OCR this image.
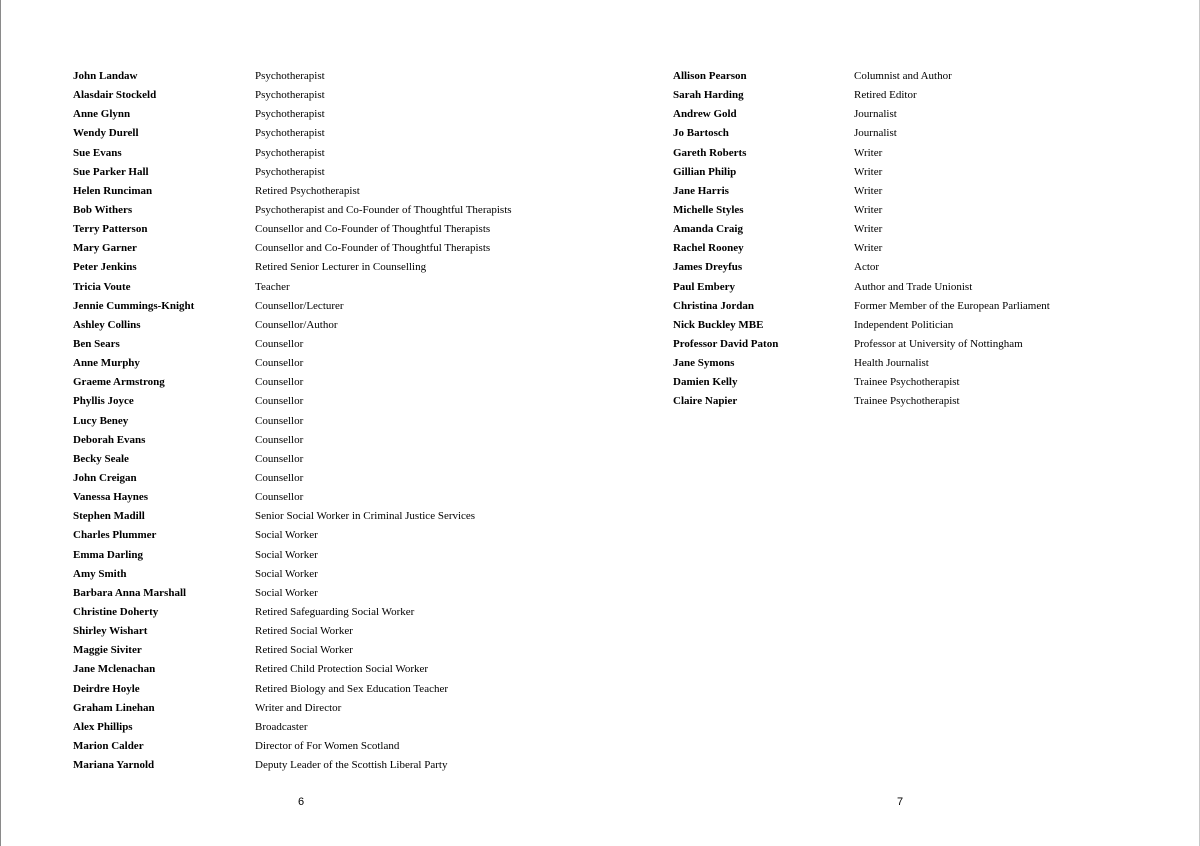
John Landaw	Psychotherapist
Alasdair Stockeld	Psychotherapist
Anne Glynn	Psychotherapist
Wendy Durell	Psychotherapist
Sue Evans	Psychotherapist
Sue Parker Hall	Psychotherapist
Helen Runciman	Retired Psychotherapist
Bob Withers	Psychotherapist and Co-Founder of Thoughtful Therapists
Terry Patterson	Counsellor and Co-Founder of Thoughtful Therapists
Mary Garner	Counsellor and Co-Founder of Thoughtful Therapists
Peter Jenkins	Retired Senior Lecturer in Counselling
Tricia Voute	Teacher
Jennie Cummings-Knight	Counsellor/Lecturer
Ashley Collins	Counsellor/Author
Ben Sears	Counsellor
Anne Murphy	Counsellor
Graeme Armstrong	Counsellor
Phyllis Joyce	Counsellor
Lucy Beney	Counsellor
Deborah Evans	Counsellor
Becky Seale	Counsellor
John Creigan	Counsellor
Vanessa Haynes	Counsellor
Stephen Madill	Senior Social Worker in Criminal Justice Services
Charles Plummer	Social Worker
Emma Darling	Social Worker
Amy Smith	Social Worker
Barbara Anna Marshall	Social Worker
Christine Doherty	Retired Safeguarding Social Worker
Shirley Wishart	Retired Social Worker
Maggie Siviter	Retired Social Worker
Jane Mclenachan	Retired Child Protection Social Worker
Deirdre Hoyle	Retired Biology and Sex Education Teacher
Graham Linehan	Writer and Director
Alex Phillips	Broadcaster
Marion Calder	Director of For Women Scotland
Mariana Yarnold	Deputy Leader of the Scottish Liberal Party
6
Allison Pearson	Columnist and Author
Sarah Harding	Retired Editor
Andrew Gold	Journalist
Jo Bartosch	Journalist
Gareth Roberts	Writer
Gillian Philip	Writer
Jane Harris	Writer
Michelle Styles	Writer
Amanda Craig	Writer
Rachel Rooney	Writer
James Dreyfus	Actor
Paul Embery	Author and Trade Unionist
Christina Jordan	Former Member of the European Parliament
Nick Buckley MBE	Independent Politician
Professor David Paton	Professor at University of Nottingham
Jane Symons	Health Journalist
Damien Kelly	Trainee Psychotherapist
Claire Napier	Trainee Psychotherapist
7
